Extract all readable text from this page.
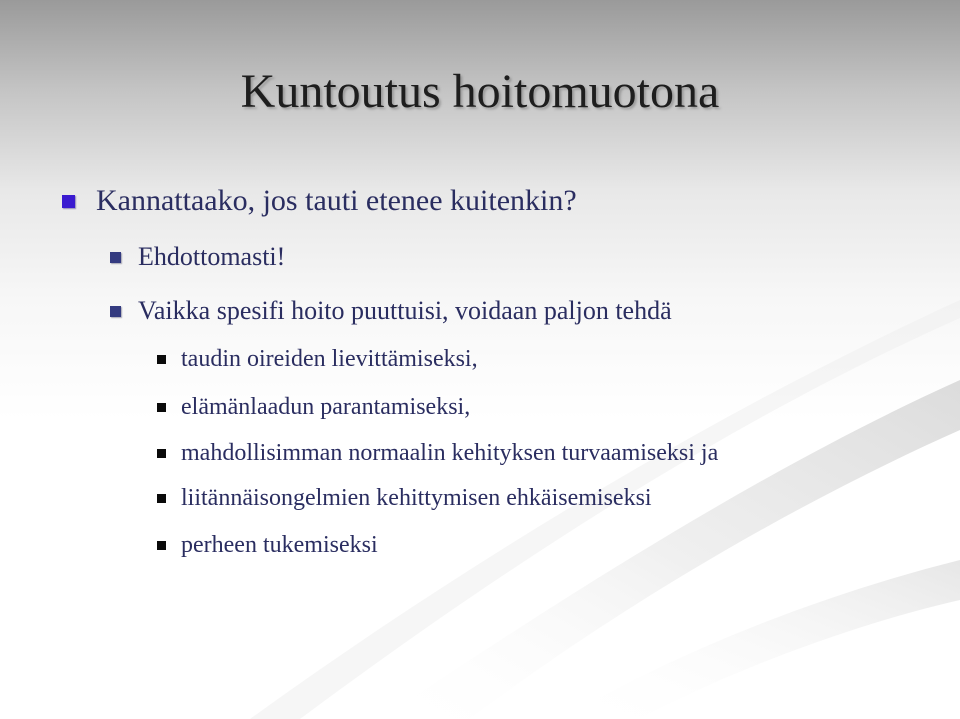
Kuntoutus hoitomuotona
Kannattaako, jos tauti etenee kuitenkin?
Ehdottomasti!
Vaikka spesifi hoito puuttuisi, voidaan paljon tehdä
taudin oireiden lievittämiseksi,
elämänlaadun parantamiseksi,
mahdollisimman normaalin kehityksen turvaamiseksi ja
liitännäisongelmien kehittymisen ehkäisemiseksi
perheen tukemiseksi
